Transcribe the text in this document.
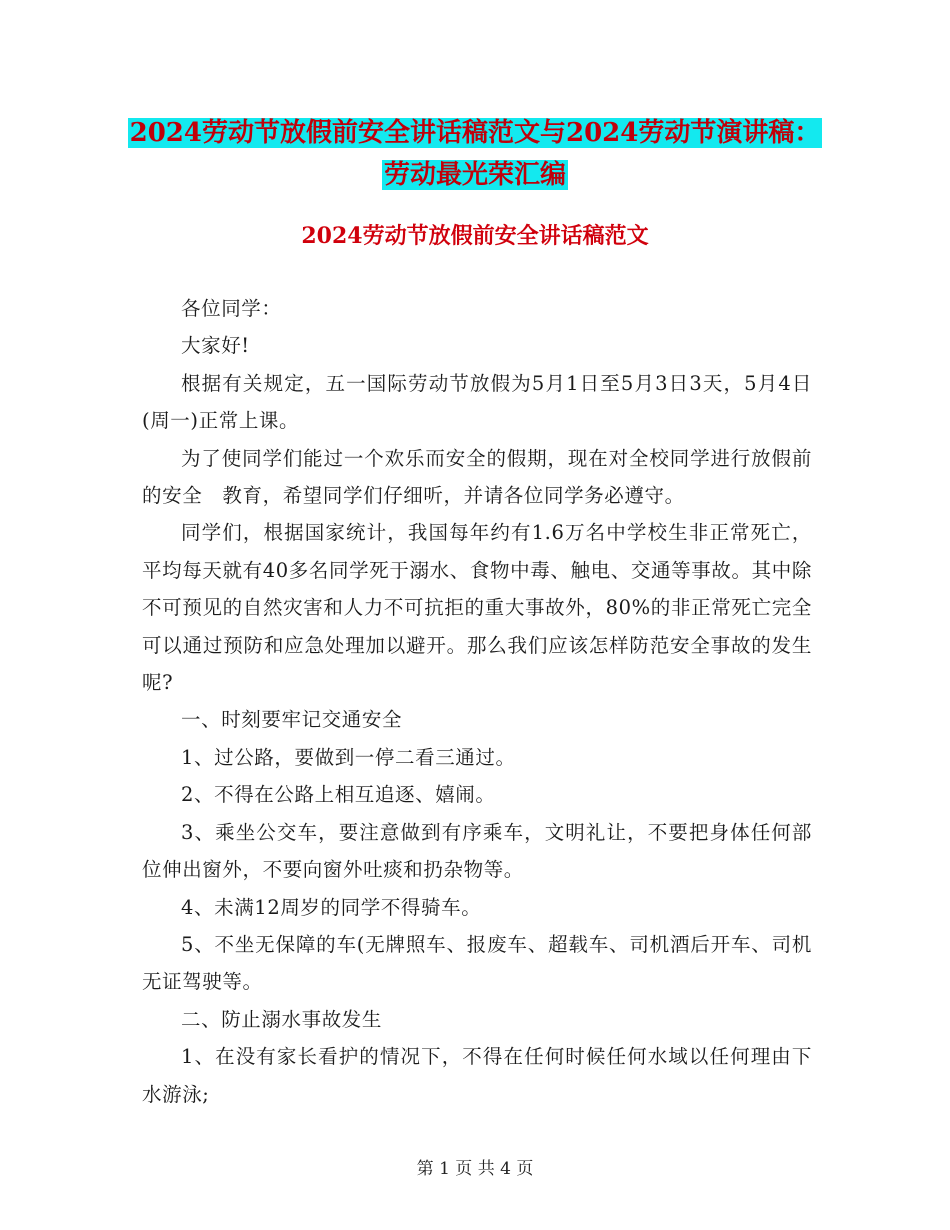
2024劳动节放假前安全讲话稿范文与2024劳动节演讲稿：劳动最光荣汇编
2024劳动节放假前安全讲话稿范文

各位同学：

大家好!

根据有关规定，五一国际劳动节放假为5月1日至5月3日3天，5月4日(周一)正常上课。

为了使同学们能过一个欢乐而安全的假期，现在对全校同学进行放假前的安全　教育，希望同学们仔细听，并请各位同学务必遵守。

同学们，根据国家统计，我国每年约有1.6万名中学校生非正常死亡，平均每天就有40多名同学死于溺水、食物中毒、触电、交通等事故。其中除不可预见的自然灾害和人力不可抗拒的重大事故外，80%的非正常死亡完全可以通过预防和应急处理加以避开。那么我们应该怎样防范安全事故的发生呢?

一、时刻要牢记交通安全

1、过公路，要做到一停二看三通过。

2、不得在公路上相互追逐、嬉闹。

3、乘坐公交车，要注意做到有序乘车，文明礼让，不要把身体任何部位伸出窗外，不要向窗外吐痰和扔杂物等。

4、未满12周岁的同学不得骑车。

5、不坐无保障的车(无牌照车、报废车、超载车、司机酒后开车、司机无证驾驶等。

二、防止溺水事故发生

1、在没有家长看护的情况下，不得在任何时候任何水域以任何理由下水游泳;

第 1 页 共 4 页
